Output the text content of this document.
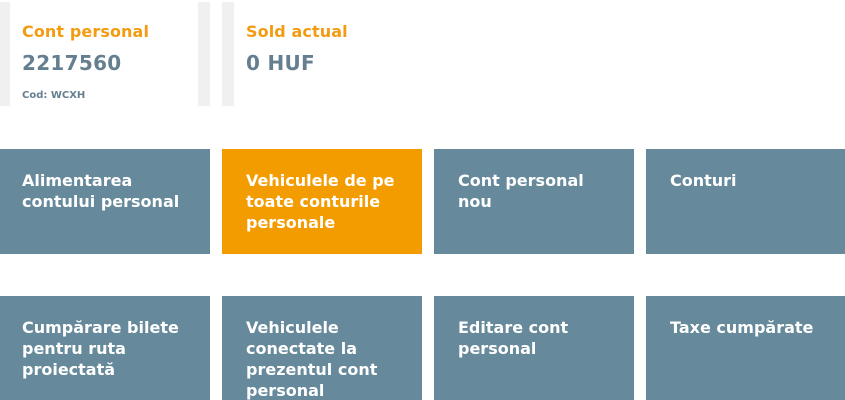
Cont personal
2217560
Cod: WCXH
Sold actual
0 HUF
Alimentarea contului personal
Vehiculele de pe toate conturile personale
Cont personal nou
Conturi
Cumpărare bilete pentru ruta proiectată
Vehiculele conectate la prezentul cont personal
Editare cont personal
Taxe cumpărate
